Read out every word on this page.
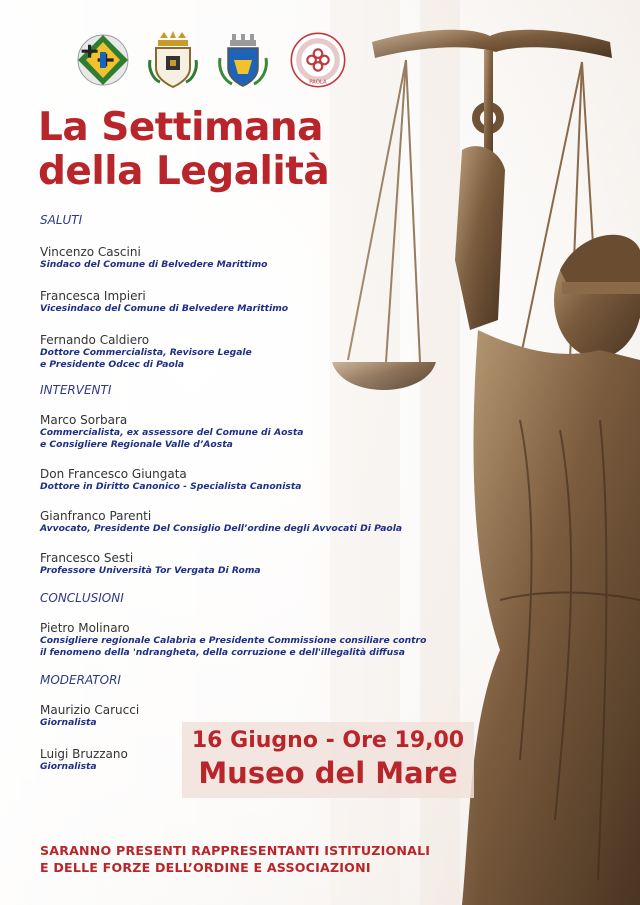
PAOLA
La Settimana
della Legalità
SALUTI
Vincenzo Cascini
Sindaco del Comune di Belvedere Marittimo
Francesca Impieri
Vicesindaco del Comune di Belvedere Marittimo
Fernando Caldiero
Dottore Commercialista, Revisore Legale
e Presidente Odcec di Paola
INTERVENTI
Marco Sorbara
Commercialista, ex assessore del Comune di Aosta
e Consigliere Regionale Valle d’Aosta
Don Francesco Giungata
Dottore in Diritto Canonico - Specialista Canonista
Gianfranco Parenti
Avvocato, Presidente Del Consiglio Dell’ordine degli Avvocati Di Paola
Francesco Sesti
Professore Università Tor Vergata Di Roma
CONCLUSIONI
Pietro Molinaro
Consigliere regionale Calabria e Presidente Commissione consiliare contro
il fenomeno della 'ndrangheta, della corruzione e dell'illegalità diffusa
MODERATORI
Maurizio Carucci
Giornalista
Luigi Bruzzano
Giornalista
16 Giugno - Ore 19,00
Museo del Mare
SARANNO PRESENTI RAPPRESENTANTI ISTITUZIONALI
E DELLE FORZE DELL’ORDINE E ASSOCIAZIONI
